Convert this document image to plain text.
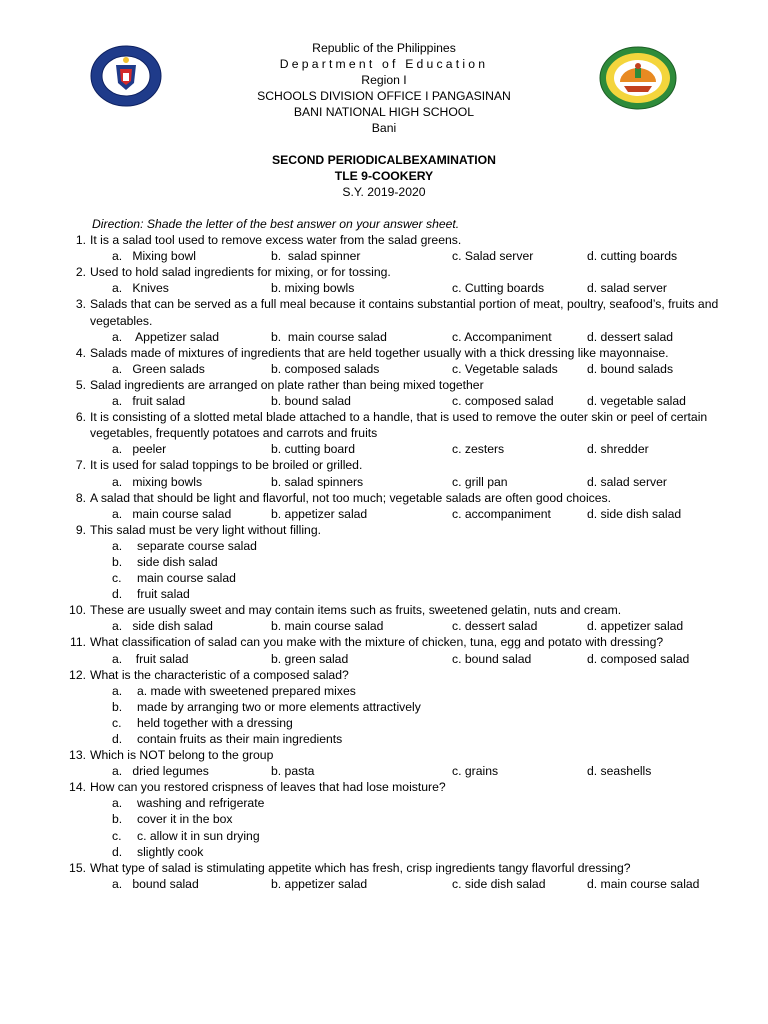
Republic of the Philippines
Department of Education
Region I
SCHOOLS DIVISION OFFICE I PANGASINAN
BANI NATIONAL HIGH SCHOOL
Bani
SECOND PERIODICALBEXAMINATION
TLE 9-COOKERY
S.Y. 2019-2020
Direction: Shade the letter of the best answer on your answer sheet.
1. It is a salad tool used to remove excess water from the salad greens.
a.   Mixing bowl	b.  salad spinner	c. Salad server	d. cutting boards
2. Used to hold salad ingredients for mixing, or for tossing.
a.   Knives	b. mixing bowls	c. Cutting boards	d. salad server
3. Salads that can be served as a full meal because it contains substantial portion of meat, poultry, seafood’s, fruits and vegetables.
a.    Appetizer salad	b.  main course salad	c. Accompaniment	d. dessert salad
4. Salads made of mixtures of ingredients that are held together usually with a thick dressing like mayonnaise.
a.   Green salads	b. composed salads	c. Vegetable salads d. bound salads
5. Salad ingredients are arranged on plate rather than being mixed together
a.   fruit salad	b. bound salad	c. composed salad	d. vegetable salad
6. It is consisting of a slotted metal blade attached to a handle, that is used to remove the outer skin or peel of certain vegetables, frequently potatoes and carrots and fruits
a.   peeler	b. cutting board	c. zesters	d. shredder
7. It is used for salad toppings to be broiled or grilled.
a.   mixing bowls	b. salad spinners	c. grill pan	d. salad server
8. A salad that should be light and flavorful, not too much; vegetable salads are often good choices.
a.   main course salad	b. appetizer salad	c. accompaniment	d. side dish salad
9. This salad must be very light without filling.
a. separate course salad
b. side dish salad
c. main course salad
d. fruit salad
10. These are usually sweet and may contain items such as fruits, sweetened gelatin, nuts and cream.
a.   side dish salad	b. main course salad	c. dessert salad	d. appetizer salad
11. What classification of salad can you make with the mixture of chicken, tuna, egg and potato with dressing?
a.    fruit salad	b. green salad	c. bound salad	d. composed salad
12. What is the characteristic of a composed salad?
a. a. made with sweetened prepared mixes
b. made by arranging two or more elements attractively
c. held together with a dressing
d. contain fruits as their main ingredients
13. Which is NOT belong to the group
a.   dried legumes	b. pasta	c. grains	d. seashells
14. How can you restored crispness of leaves that had lose moisture?
a. washing and refrigerate
b. cover it in the box
c. c. allow it in sun drying
d. slightly cook
15. What type of salad is stimulating appetite which has fresh, crisp ingredients tangy flavorful dressing?
a.   bound salad	b. appetizer salad	c. side dish salad	d. main course salad
